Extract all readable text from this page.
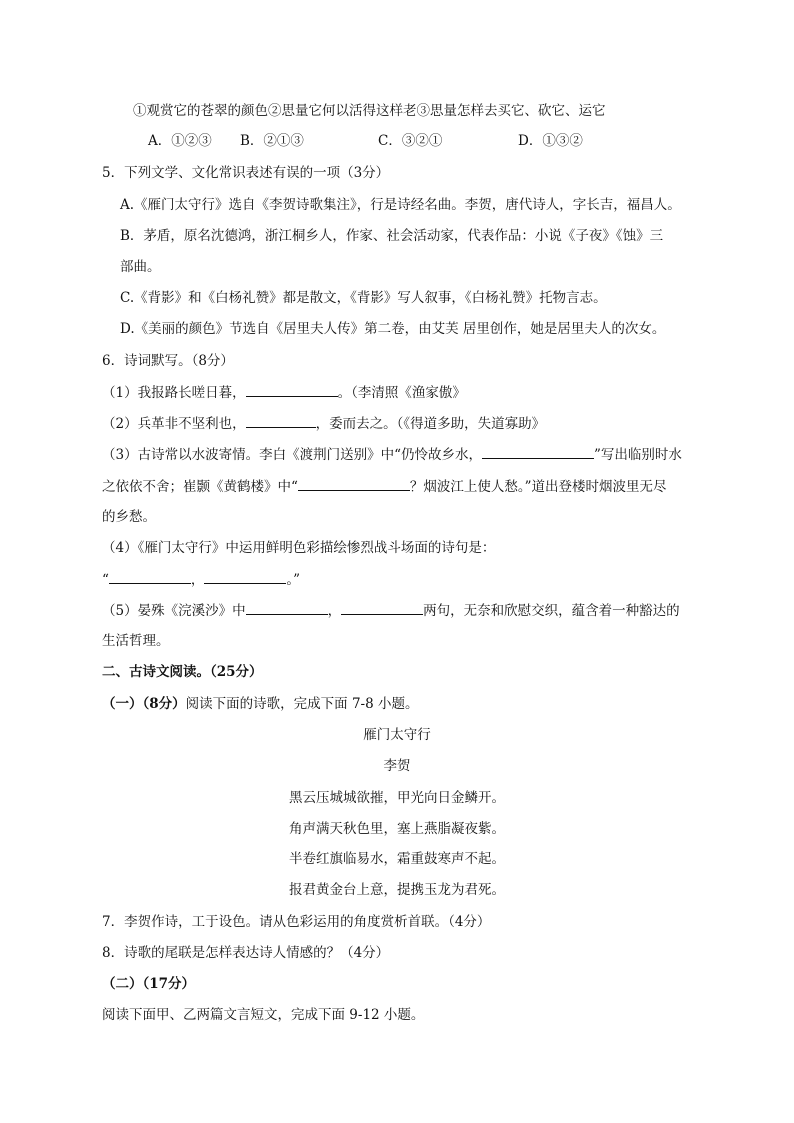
①观赏它的苍翠的颜色②思量它何以活得这样老③思量怎样去买它、砍它、运它
A．①②③ B．②①③	C．③②①	D．①③②
5．下列文学、文化常识表述有误的一项（3分）
A.《雁门太守行》选自《李贺诗歌集注》，行是诗经名曲。李贺，唐代诗人，字长吉，福昌人。
B．茅盾，原名沈德鸿，浙江桐乡人，作家、社会活动家，代表作品：小说《子夜》《蚀》三
部曲。
C.《背影》和《白杨礼赞》都是散文，《背影》写人叙事，《白杨礼赞》托物言志。
D.《美丽的颜色》节选自《居里夫人传》第二卷，由艾芙 居里创作，她是居里夫人的次女。
6．诗词默写。（8分）
（1）我报路长嗟日暮，	。（李清照《渔家傲》
（2）兵革非不坚利也，	，委而去之。（《得道多助，失道寡助》
（3）古诗常以水波寄情。李白《渡荆门送别》中“仍怜故乡水，	”写出临别时水
之依依不舍；崔颢《黄鹤楼》中“	？烟波江上使人愁。”道出登楼时烟波里无尽
的乡愁。
（4）《雁门太守行》中运用鲜明色彩描绘惨烈战斗场面的诗句是：
“	，	。”
（5）晏殊《浣溪沙》中	，	两句，无奈和欣慰交织，蕴含着一种豁达的
生活哲理。
二、古诗文阅读。（25分）
（一）（8分）阅读下面的诗歌，完成下面 7-8 小题。
雁门太守行
李贺
黑云压城城欲摧，甲光向日金鳞开。
角声满天秋色里，塞上燕脂凝夜紫。
半卷红旗临易水，霜重鼓寒声不起。
报君黄金台上意，提携玉龙为君死。
7．李贺作诗，工于设色。请从色彩运用的角度赏析首联。（4分）
8．诗歌的尾联是怎样表达诗人情感的？（4分）
（二）（17分）
阅读下面甲、乙两篇文言短文，完成下面 9-12 小题。
